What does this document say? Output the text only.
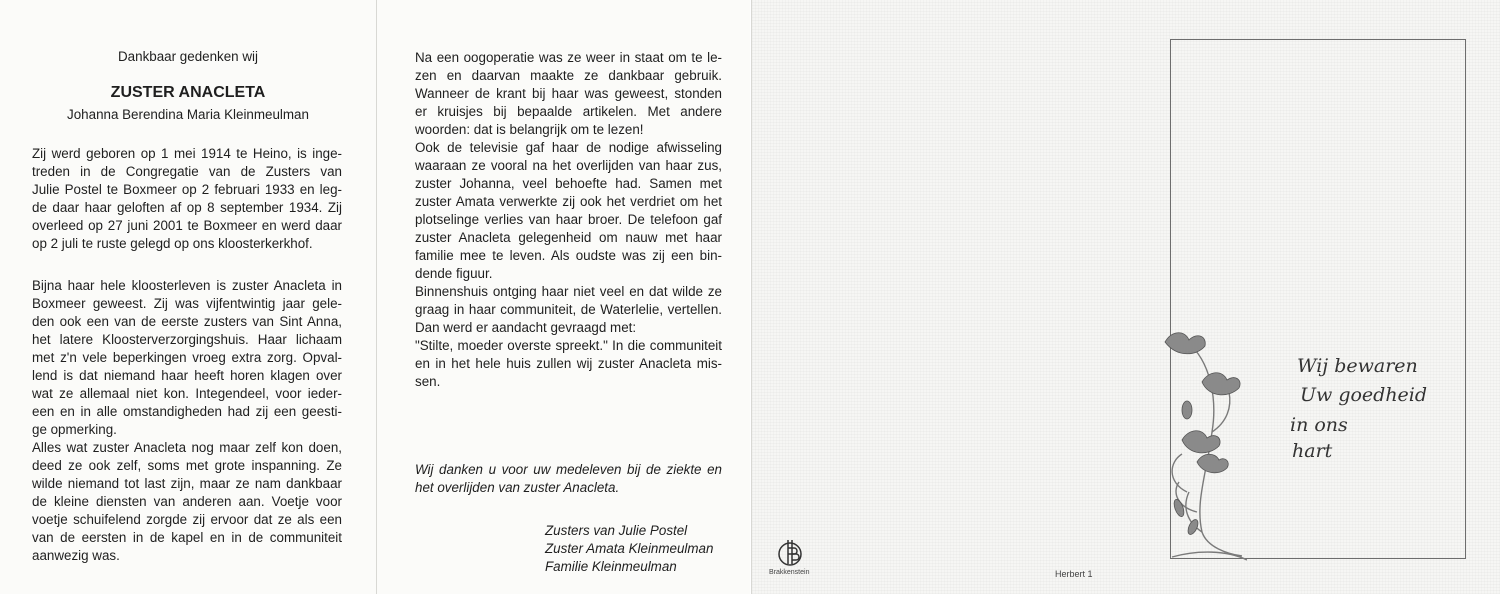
Dankbaar gedenken wij
ZUSTER ANACLETA
Johanna Berendina Maria Kleinmeulman
Zij werd geboren op 1 mei 1914 te Heino, is inge-
treden in de Congregatie van de Zusters van
Julie Postel te Boxmeer op 2 februari 1933 en leg-
de daar haar geloften af op 8 september 1934. Zij
overleed op 27 juni 2001 te Boxmeer en werd daar
op 2 juli te ruste gelegd op ons kloosterkerkhof.
Bijna haar hele kloosterleven is zuster Anacleta in
Boxmeer geweest. Zij was vijfentwintig jaar gele-
den ook een van de eerste zusters van Sint Anna,
het latere Kloosterverzorgingshuis. Haar lichaam
met z'n vele beperkingen vroeg extra zorg. Opval-
lend is dat niemand haar heeft horen klagen over
wat ze allemaal niet kon. Integendeel, voor ieder-
een en in alle omstandigheden had zij een geesti-
ge opmerking.
Alles wat zuster Anacleta nog maar zelf kon doen,
deed ze ook zelf, soms met grote inspanning. Ze
wilde niemand tot last zijn, maar ze nam dankbaar
de kleine diensten van anderen aan. Voetje voor
voetje schuifelend zorgde zij ervoor dat ze als een
van de eersten in de kapel en in de communiteit
aanwezig was.
Na een oogoperatie was ze weer in staat om te le-
zen en daarvan maakte ze dankbaar gebruik.
Wanneer de krant bij haar was geweest, stonden
er kruisjes bij bepaalde artikelen. Met andere
woorden: dat is belangrijk om te lezen!
Ook de televisie gaf haar de nodige afwisseling
waaraan ze vooral na het overlijden van haar zus,
zuster Johanna, veel behoefte had. Samen met
zuster Amata verwerkte zij ook het verdriet om het
plotselinge verlies van haar broer. De telefoon gaf
zuster Anacleta gelegenheid om nauw met haar
familie mee te leven. Als oudste was zij een bin-
dende figuur.
Binnenshuis ontging haar niet veel en dat wilde ze
graag in haar communiteit, de Waterlelie, vertellen.
Dan werd er aandacht gevraagd met:
"Stilte, moeder overste spreekt." In die communiteit
en in het hele huis zullen wij zuster Anacleta mis-
sen.
Wij danken u voor uw medeleven bij de ziekte en
het overlijden van zuster Anacleta.
Zusters van Julie Postel
Zuster Amata Kleinmeulman
Familie Kleinmeulman
Wij bewaren
Uw goedheid
in ons
hart
Brakkenstein	Herbert 1
